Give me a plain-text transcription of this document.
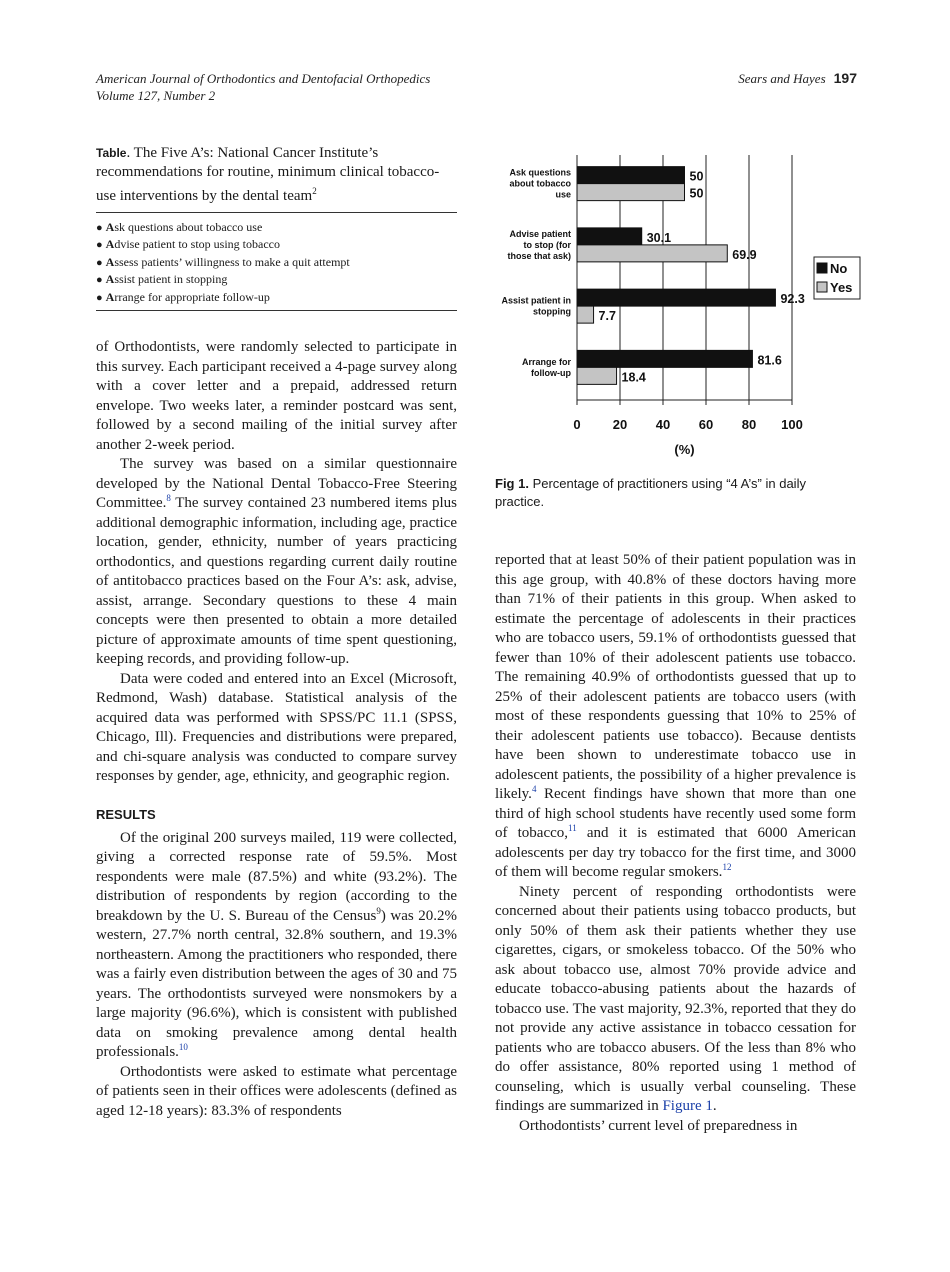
American Journal of Orthodontics and Dentofacial Orthopedics
Volume 127, Number 2
Sears and Hayes 197
Table. The Five A’s: National Cancer Institute’s recommendations for routine, minimum clinical tobacco-use interventions by the dental team$^2$
● Ask questions about tobacco use
● Advise patient to stop using tobacco
● Assess patients’ willingness to make a quit attempt
● Assist patient in stopping
● Arrange for appropriate follow-up

of Orthodontists, were randomly selected to participate in this survey. Each participant received a 4-page survey along with a cover letter and a prepaid, addressed return envelope. Two weeks later, a reminder postcard was sent, followed by a second mailing of the initial survey after another 2-week period.

The survey was based on a similar questionnaire developed by the National Dental Tobacco-Free Steering Committee.$^8$ The survey contained 23 numbered items plus additional demographic information, including age, practice location, gender, ethnicity, number of years practicing orthodontics, and questions regarding current daily routine of antitobacco practices based on the Four A’s: ask, advise, assist, arrange. Secondary questions to these 4 main concepts were then presented to obtain a more detailed picture of approximate amounts of time spent questioning, keeping records, and providing follow-up.

Data were coded and entered into an Excel (Microsoft, Redmond, Wash) database. Statistical analysis of the acquired data was performed with SPSS/PC 11.1 (SPSS, Chicago, Ill). Frequencies and distributions were prepared, and chi-square analysis was conducted to compare survey responses by gender, age, ethnicity, and geographic region.

RESULTS

Of the original 200 surveys mailed, 119 were collected, giving a corrected response rate of 59.5%. Most respondents were male (87.5%) and white (93.2%). The distribution of respondents by region (according to the breakdown by the U. S. Bureau of the Census$^9$) was 20.2% western, 27.7% north central, 32.8% southern, and 19.3% northeastern. Among the practitioners who responded, there was a fairly even distribution between the ages of 30 and 75 years. The orthodontists surveyed were nonsmokers by a large majority (96.6%), which is consistent with published data on smoking prevalence among dental health professionals.$^{10}$

Orthodontists were asked to estimate what percentage of patients seen in their offices were adolescents (defined as aged 12-18 years): 83.3% of respondents

0 20 40 60 80 100
(%)
50
50
Ask questions
about tobacco
use
30.1
69.9
Advise patient
to stop (for
those that ask)
92.3
7.7
Assist patient in
stopping
81.6
18.4
Arrange for
follow-up
No
Yes
Fig 1. Percentage of practitioners using “4 A’s” in daily practice.

reported that at least 50% of their patient population was in this age group, with 40.8% of these doctors having more than 71% of their patients in this group. When asked to estimate the percentage of adolescents in their practices who are tobacco users, 59.1% of orthodontists guessed that fewer than 10% of their adolescent patients use tobacco. The remaining 40.9% of orthodontists guessed that up to 25% of their adolescent patients are tobacco users (with most of these respondents guessing that 10% to 25% of their adolescent patients use tobacco). Because dentists have been shown to underestimate tobacco use in adolescent patients, the possibility of a higher prevalence is likely.$^4$ Recent findings have shown that more than one third of high school students have recently used some form of tobacco,$^{11}$ and it is estimated that 6000 American adolescents per day try tobacco for the first time, and 3000 of them will become regular smokers.$^{12}$

Ninety percent of responding orthodontists were concerned about their patients using tobacco products, but only 50% of them ask their patients whether they use cigarettes, cigars, or smokeless tobacco. Of the 50% who ask about tobacco use, almost 70% provide advice and educate tobacco-abusing patients about the hazards of tobacco use. The vast majority, 92.3%, reported that they do not provide any active assistance in tobacco cessation for patients who are tobacco abusers. Of the less than 8% who do offer assistance, 80% reported using 1 method of counseling, which is usually verbal counseling. These findings are summarized in Figure 1.

Orthodontists’ current level of preparedness in
